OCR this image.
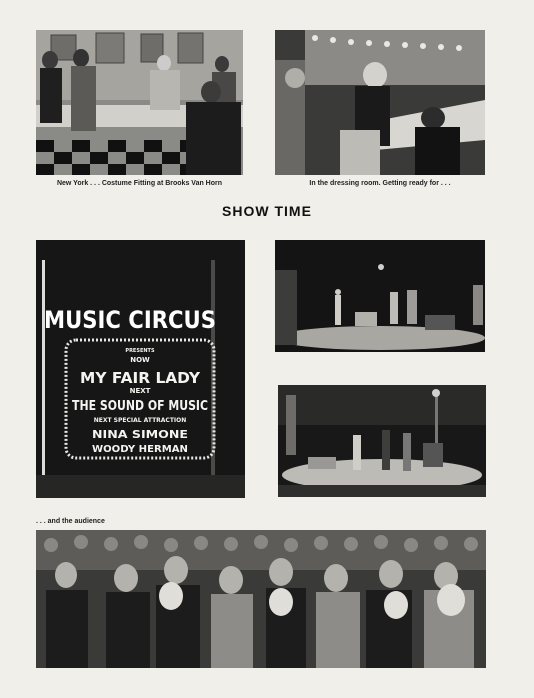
New York . . . Costume Fitting at Brooks Van Horn	In the dressing room. Getting ready for . . .
SHOW TIME
MUSIC CIRCUS
PRESENTS
NOW
MY FAIR LADY
NEXT
THE SOUND OF MUSIC
NEXT SPECIAL ATTRACTION
NINA SIMONE
WOODY HERMAN
. . . and the audience
